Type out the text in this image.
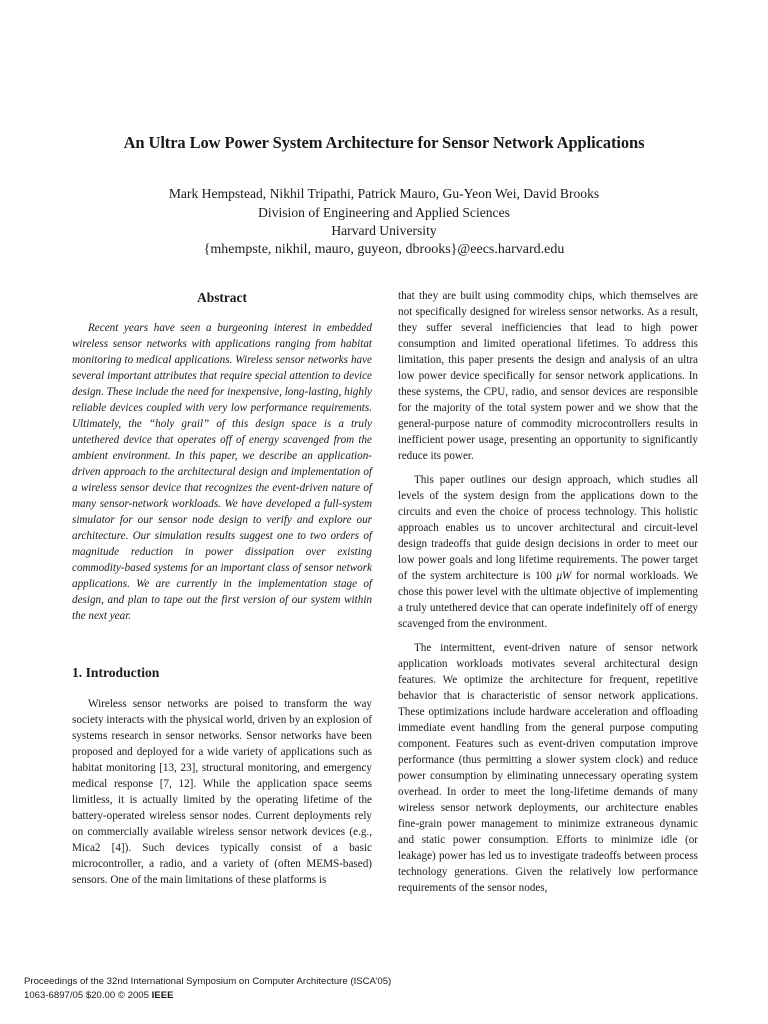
An Ultra Low Power System Architecture for Sensor Network Applications
Mark Hempstead, Nikhil Tripathi, Patrick Mauro, Gu-Yeon Wei, David Brooks
Division of Engineering and Applied Sciences
Harvard University
{mhempste, nikhil, mauro, guyeon, dbrooks}@eecs.harvard.edu
Abstract

Recent years have seen a burgeoning interest in embedded wireless sensor networks with applications ranging from habitat monitoring to medical applications. Wireless sensor networks have several important attributes that require special attention to device design. These include the need for inexpensive, long-lasting, highly reliable devices coupled with very low performance requirements. Ultimately, the “holy grail” of this design space is a truly untethered device that operates off of energy scavenged from the ambient environment. In this paper, we describe an application-driven approach to the architectural design and implementation of a wireless sensor device that recognizes the event-driven nature of many sensor-network workloads. We have developed a full-system simulator for our sensor node design to verify and explore our architecture. Our simulation results suggest one to two orders of magnitude reduction in power dissipation over existing commodity-based systems for an important class of sensor network applications. We are currently in the implementation stage of design, and plan to tape out the first version of our system within the next year.

1. Introduction

Wireless sensor networks are poised to transform the way society interacts with the physical world, driven by an explosion of systems research in sensor networks. Sensor networks have been proposed and deployed for a wide variety of applications such as habitat monitoring [13, 23], structural monitoring, and emergency medical response [7, 12]. While the application space seems limitless, it is actually limited by the operating lifetime of the battery-operated wireless sensor nodes. Current deployments rely on commercially available wireless sensor network devices (e.g., Mica2 [4]). Such devices typically consist of a basic microcontroller, a radio, and a variety of (often MEMS-based) sensors. One of the main limitations of these platforms is

that they are built using commodity chips, which themselves are not specifically designed for wireless sensor networks. As a result, they suffer several inefficiencies that lead to high power consumption and limited operational lifetimes. To address this limitation, this paper presents the design and analysis of an ultra low power device specifically for sensor network applications. In these systems, the CPU, radio, and sensor devices are responsible for the majority of the total system power and we show that the general-purpose nature of commodity microcontrollers results in inefficient power usage, presenting an opportunity to significantly reduce its power.

This paper outlines our design approach, which studies all levels of the system design from the applications down to the circuits and even the choice of process technology. This holistic approach enables us to uncover architectural and circuit-level design tradeoffs that guide design decisions in order to meet our low power goals and long lifetime requirements. The power target of the system architecture is 100 μW for normal workloads. We chose this power level with the ultimate objective of implementing a truly untethered device that can operate indefinitely off of energy scavenged from the environment.

The intermittent, event-driven nature of sensor network application workloads motivates several architectural design features. We optimize the architecture for frequent, repetitive behavior that is characteristic of sensor network applications. These optimizations include hardware acceleration and offloading immediate event handling from the general purpose computing component. Features such as event-driven computation improve performance (thus permitting a slower system clock) and reduce power consumption by eliminating unnecessary operating system overhead. In order to meet the long-lifetime demands of many wireless sensor network deployments, our architecture enables fine-grain power management to minimize extraneous dynamic and static power consumption. Efforts to minimize idle (or leakage) power has led us to investigate tradeoffs between process technology generations. Given the relatively low performance requirements of the sensor nodes,

Proceedings of the 32nd International Symposium on Computer Architecture (ISCA’05)
1063-6897/05 $20.00 © 2005 IEEE
